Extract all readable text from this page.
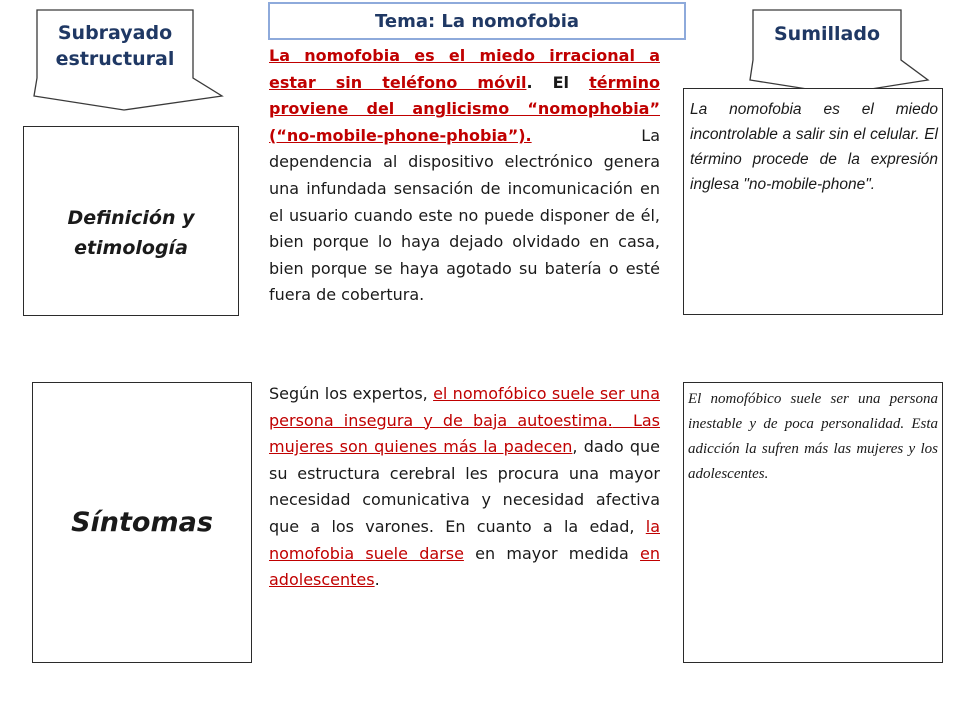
Subrayado
estructural
Sumillado
Tema: La nomofobia
Definición y
etimología
Síntomas

La nomofobia es el miedo irracional a estar sin teléfono móvil. El término proviene del anglicismo “nomophobia” (“no-mobile-phone-phobia”). La dependencia al dispositivo electrónico genera una infundada sensación de incomunicación en el usuario cuando este no puede disponer de él, bien porque lo haya dejado olvidado en casa, bien porque se haya agotado su batería o esté fuera de cobertura.

Según los expertos, el nomofóbico suele ser una persona insegura y de baja autoestima. Las mujeres son quienes más la padecen, dado que su estructura cerebral les procura una mayor necesidad comunicativa y necesidad afectiva que a los varones. En cuanto a la edad, la nomofobia suele darse en mayor medida en adolescentes.

La nomofobia es el miedo incontrolable a salir sin el celular. El término procede de la expresión inglesa "no-mobile-phone".
El nomofóbico suele ser una persona inestable y de poca personalidad. Esta adicción la sufren más las mujeres y los adolescentes.
